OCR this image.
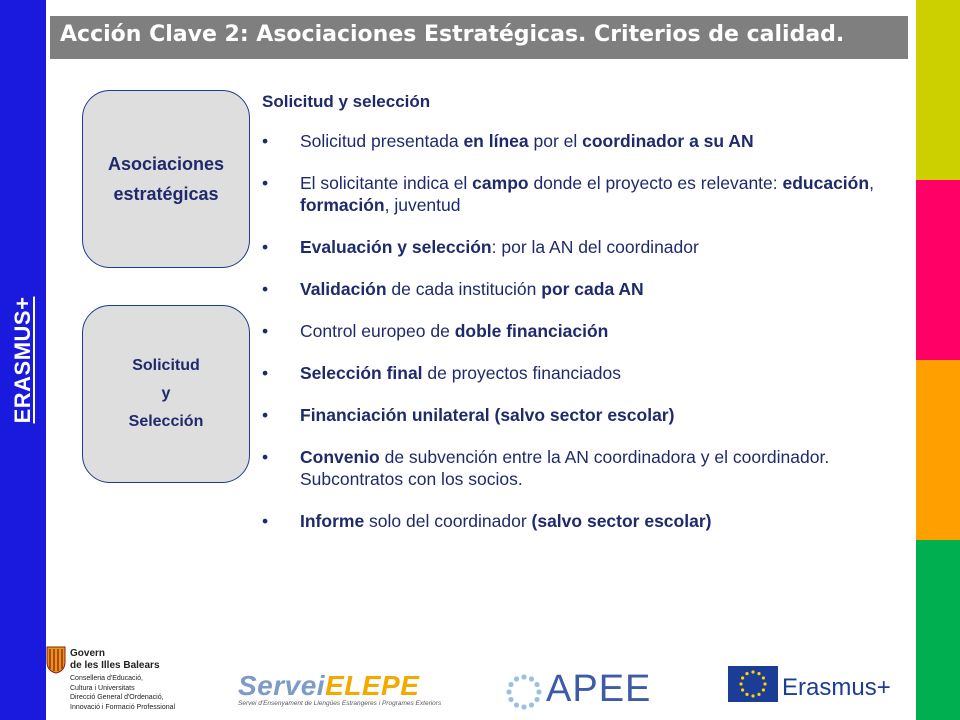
ERASMUS+
Acción Clave 2: Asociaciones Estratégicas. Criterios de calidad.
Asociaciones
estratégicas
Solicitud
y
Selección
Solicitud y selección
• Solicitud presentada en línea por el coordinador a su AN
• El solicitante indica el campo donde el proyecto es relevante: educación, formación, juventud
• Evaluación y selección: por la AN del coordinador
• Validación de cada institución por cada AN
• Control europeo de doble financiación
• Selección final de proyectos financiados
• Financiación unilateral (salvo sector escolar)
• Convenio de subvención entre la AN coordinadora y el coordinador. Subcontratos con los socios.
• Informe solo del coordinador (salvo sector escolar)
Govern
de les Illes Balears
Conselleria d'Educació,
Cultura i Universitats
Direcció General d'Ordenació,
Innovació i Formació Professional
ServeiELEPE
Servei d'Ensenyament de Llengües Estrangeres i Programes Exteriors	APEE	Erasmus+
